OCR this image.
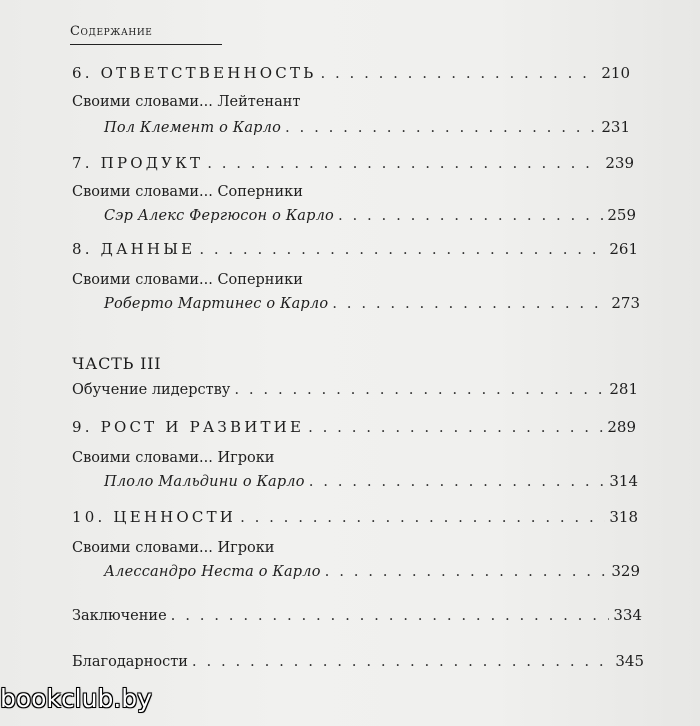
Содержание
6. ОТВЕТСТВЕННОСТЬ . . .	210
Своими словами... Лейтенант
Пол Клемент о Карло . . .	231
7. ПРОДУКТ . . .	239
Своими словами... Соперники
Сэр Алекс Фергюсон о Карло . . .	259
8. ДАННЫЕ . . .	261
Своими словами... Соперники
Роберто Мартинес о Карло . . .	273
ЧАСТЬ III
Обучение лидерству . . .	281
9. РОСТ И РАЗВИТИЕ . . .	289
Своими словами... Игроки
Плоло Мальдини о Карло . . .	314
10. ЦЕННОСТИ . . .	318
Своими словами... Игроки
Алессандро Неста о Карло . . .	329
Заключение . . .	334
Благодарности . . .	345
bookclub.by
